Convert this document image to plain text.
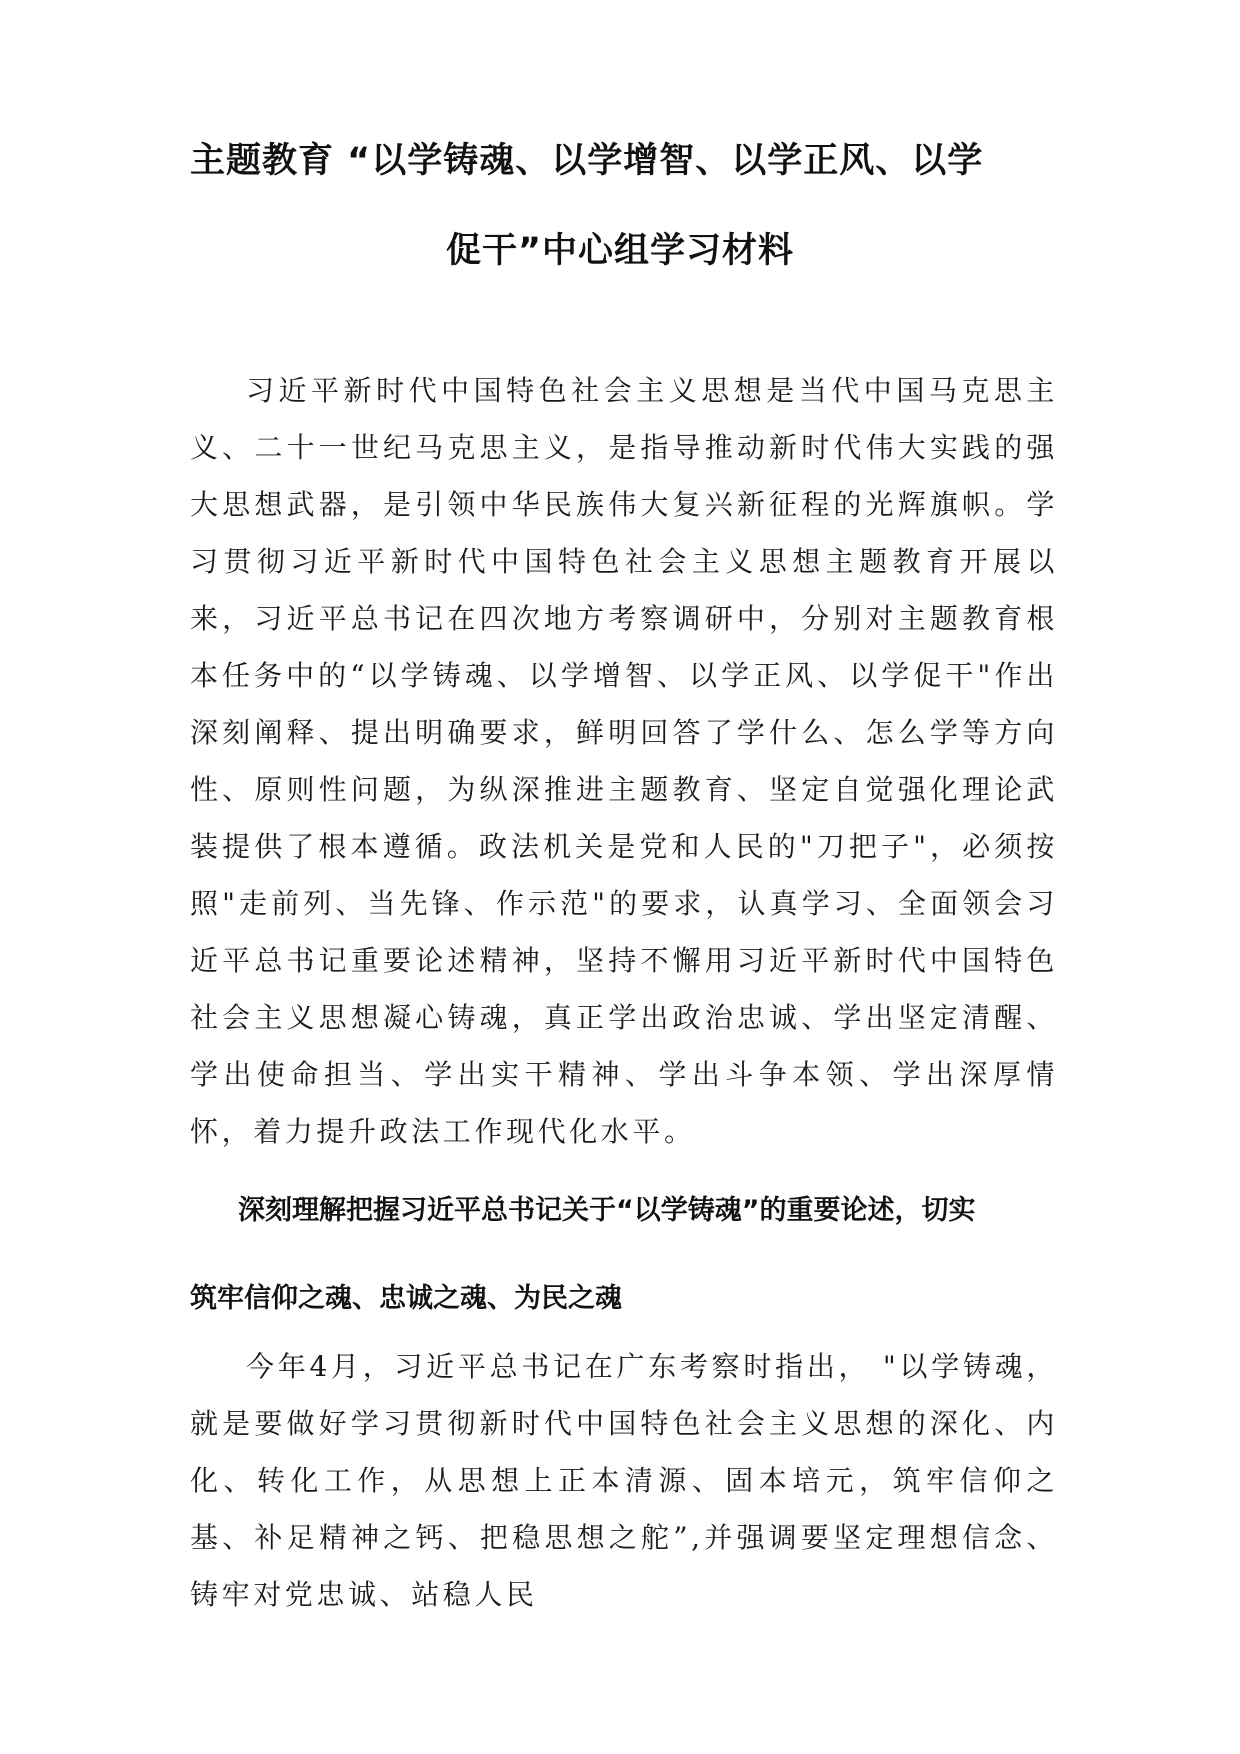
主题教育 “以学铸魂、以学增智、以学正风、以学
促干”中心组学习材料

习近平新时代中国特色社会主义思想是当代中国马克思主义、二十一世纪马克思主义，是指导推动新时代伟大实践的强大思想武器，是引领中华民族伟大复兴新征程的光辉旗帜。学习贯彻习近平新时代中国特色社会主义思想主题教育开展以来，习近平总书记在四次地方考察调研中，分别对主题教育根本任务中的“以学铸魂、以学增智、以学正风、以学促干"作出深刻阐释、提出明确要求，鲜明回答了学什么、怎么学等方向性、原则性问题，为纵深推进主题教育、坚定自觉强化理论武装提供了根本遵循。政法机关是党和人民的"刀把子"，必须按照"走前列、当先锋、作示范"的要求，认真学习、全面领会习近平总书记重要论述精神，坚持不懈用习近平新时代中国特色社会主义思想凝心铸魂，真正学出政治忠诚、学出坚定清醒、学出使命担当、学出实干精神、学出斗争本领、学出深厚情怀，着力提升政法工作现代化水平。

深刻理解把握习近平总书记关于“以学铸魂”的重要论述，切实
筑牢信仰之魂、忠诚之魂、为民之魂

今年4月，习近平总书记在广东考察时指出， "以学铸魂，就是要做好学习贯彻新时代中国特色社会主义思想的深化、内化、转化工作，从思想上正本清源、固本培元，筑牢信仰之基、补足精神之钙、把稳思想之舵”,并强调要坚定理想信念、铸牢对党忠诚、站稳人民
